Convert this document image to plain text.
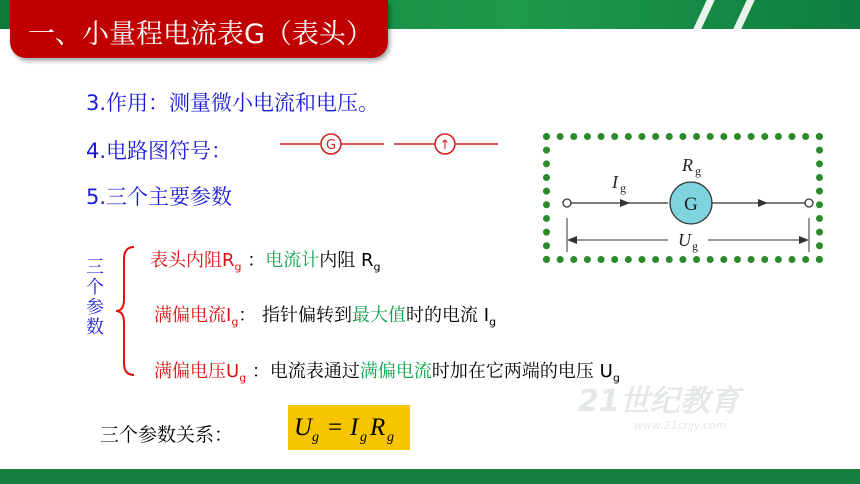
一、小量程电流表G（表头）
3.作用：测量微小电流和电压。
4.电路图符号：
5.三个主要参数
G	↑
G
I g
R g
U g
三个参数
表头内阻$R_g$ ：电流计内阻 $R_g$
满偏电流$I_g$： 指针偏转到最大值时的电流 $I_g$
满偏电压$U_g$ ：电流表通过满偏电流时加在它两端的电压 $U_g$
21世纪教育
www.21cnjy.com
三个参数关系： U g = I g R g
